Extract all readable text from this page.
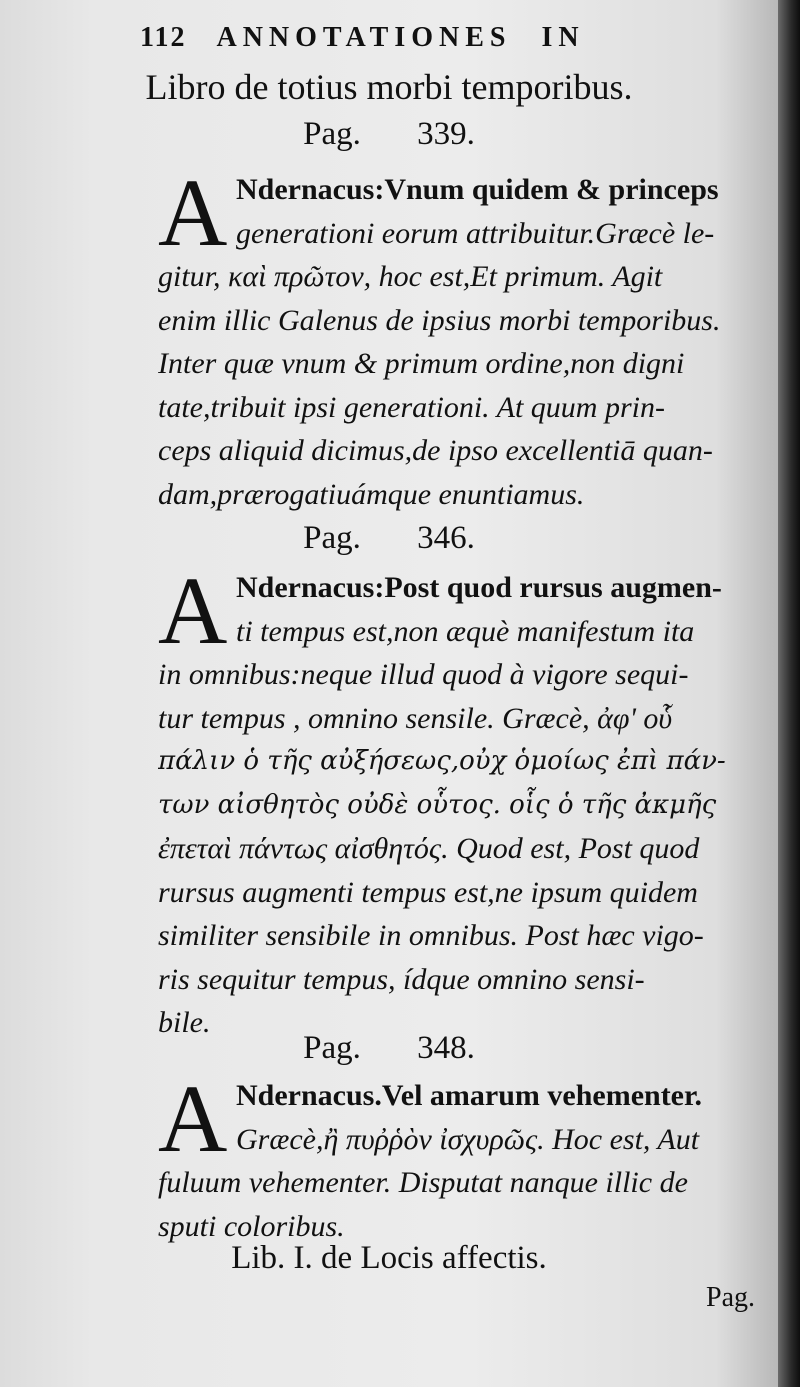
112 ANNOTATIONES IN
Libro de totius morbi temporibus.
Pag. 339.
A Ndernacus:Vnum quidem & princeps
generationi eorum attribuitur.Græcè le-
gitur, καὶ πρῶτον, hoc est,Et primum. Agit
enim illic Galenus de ipsius morbi temporibus.
Inter quæ vnum & primum ordine,non digni
tate,tribuit ipsi generationi. At quum prin-
ceps aliquid dicimus,de ipso excellentiā quan-
dam,prærogatiuámque enuntiamus.
Pag. 346.
A Ndernacus:Post quod rursus augmen-
ti tempus est,non æquè manifestum ita
in omnibus:neque illud quod à vigore sequi-
tur tempus , omnino sensile. Græcè, ἀφ' οὗ
πάλιν ὁ τῆς αὐξήσεως,οὐχ ὁμοίως ἐπὶ πάν-
των αἰσθητὸς οὐδὲ οὗτος. οἷς ὁ τῆς ἀκμῆς
ἐπεταὶ πάντως αἰσθητός. Quod est, Post quod
rursus augmenti tempus est,ne ipsum quidem
similiter sensibile in omnibus. Post hæc vigo-
ris sequitur tempus, ídque omnino sensi-
bile.
Pag. 348.
A Ndernacus.Vel amarum vehementer.
Græcè,ἢ πυῤῥὸν ἰσχυρῶς. Hoc est, Aut
fuluum vehementer. Disputat nanque illic de
sputi coloribus.
Lib. I. de Locis affectis.
Pag.
